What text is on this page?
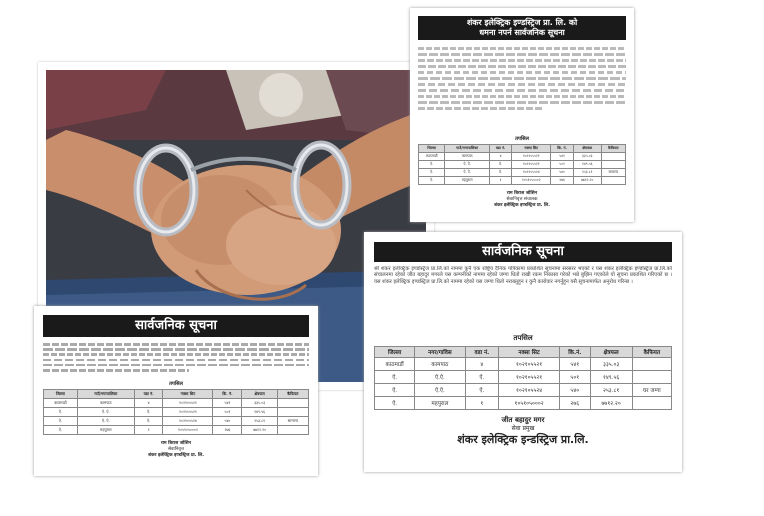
शंकर इलेक्ट्रिक इण्डस्ट्रिज प्रा. लि. को
धमना नपर्न सार्वजनिक सूचना
तपसिल
जिल्ला	गाउँ/नगरपालिका	वडा नं.	नक्सा सिट	कि. नं.	क्षेत्रफल	कैफियत
काठमाडौं	कामपाठ	४	१०२१०५५२१	५४१	३३५.०३	
ऐ.	ऐ. ऐ.	ऐ.	१०२१०५५२१	५०१	१४९.५६	
ऐ.	ऐ. ऐ.	ऐ.	१०२१०५५२४	५४०	२५३.८१	सामान्य
ऐ.	महपुराल	१	१०५१०५०००२	२७६	७७१२.२०	
राम बिराज जोशिन
सेवानिवृत्त संचालक
शंकर इलेक्ट्रिक इण्डस्ट्रिज प्रा. लि.
सार्वजनिक सूचना
श्री शंकर इलेक्ट्रिक इण्डस्ट्रिज प्रा.लि.को नाममा कुनै एक राष्ट्रिय दैनिक पत्रिकामा प्रकाशित सूचनामा सरसरर भएको र यस शंकर इलेक्ट्रिक इण्डस्ट्रिज प्रा.लि.को संचालनमा रहेको जीत बहादुर मगरले यस कम्पनीको नाममा रहेको जग्गा धितो राखी रकम निकासा गरेको भन्ने बुझिन गएकोले यो सूचना प्रकाशित गरिएको छ । यस शंकर इलेक्ट्रिक इण्डस्ट्रिज प्रा.लि.को नाममा रहेको यस जग्गा धितो नराख्नुहुन र कुनै कारोवार नगर्नुहुन यसै सूचनामार्फत अनुरोध गरिन्छ ।
तपसिल
जिल्ला	नगर/गाविस	वडा नं.	नक्सा सिट	कि.नं.	क्षेत्रफल	कैफियत
काठमाडौं	कामपाठ	४	१०२१०५५२१	५४१	३३५.०३	
ऐ.	ऐ.ऐ.	ऐ.	१०२१०५५२१	५०१	१४९.५६	
ऐ.	ऐ.ऐ.	ऐ.	१०२१०५५२४	५४०	२५३.८१	घर जग्गा
ऐ.	महपुराल	१	१०५१०५०००२	२७६	७७१२.२०	
जीत बहादुर मगर
सेवा प्रमुख
शंकर इलेक्ट्रिक इन्डस्ट्रिज प्रा.लि.
सार्वजनिक सूचना
तपसिल
जिल्ला	गाउँ/नगरपालिका	वडा नं.	नक्सा सिट	कि. नं.	क्षेत्रफल	कैफियत
काठमाडौं	कामपाठ	४	१०२१०५५२१	५४१	३३५.०३	
ऐ.	ऐ. ऐ.	ऐ.	१०२१०५५२१	५०१	१४९.५६	
ऐ.	ऐ. ऐ.	ऐ.	१०२१०५५२४	५४०	२५३.८१	सामान्य
ऐ.	महपुराल	१	१०५१०५०००२	२७६	७७१२.२०	
राम बिराज जोशिन
सेवानिवृत्त
शंकर इलेक्ट्रिक इण्डस्ट्रिज प्रा. लि.
